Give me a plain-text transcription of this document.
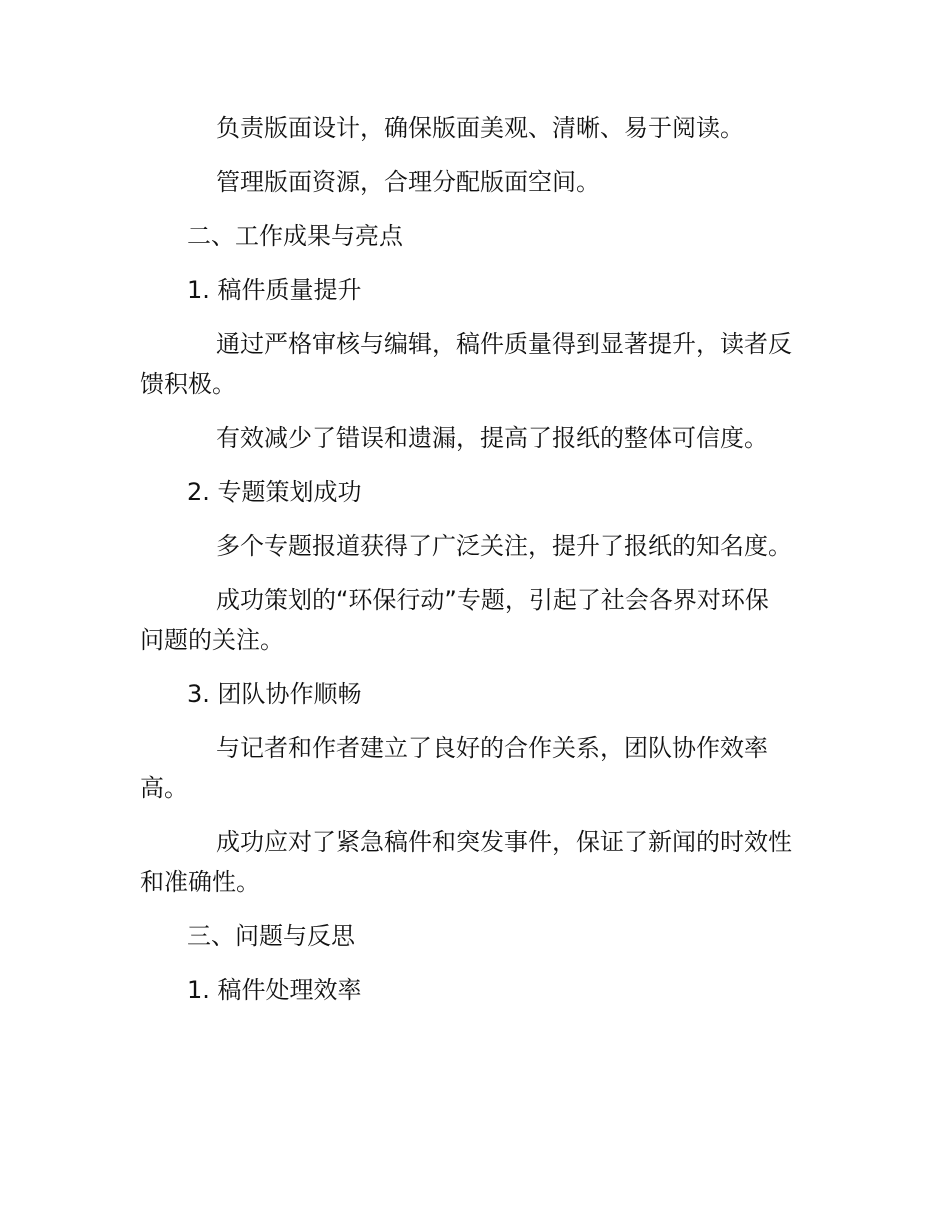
负责版面设计，确保版面美观、清晰、易于阅读。
管理版面资源，合理分配版面空间。
二、工作成果与亮点
1. 稿件质量提升

通过严格审核与编辑，稿件质量得到显著提升，读者反馈积极。

有效减少了错误和遗漏，提高了报纸的整体可信度。
2. 专题策划成功

多个专题报道获得了广泛关注，提升了报纸的知名度。

成功策划的“环保行动”专题，引起了社会各界对环保问题的关注。

3. 团队协作顺畅

与记者和作者建立了良好的合作关系，团队协作效率高。

成功应对了紧急稿件和突发事件，保证了新闻的时效性和准确性。

三、问题与反思
1. 稿件处理效率
